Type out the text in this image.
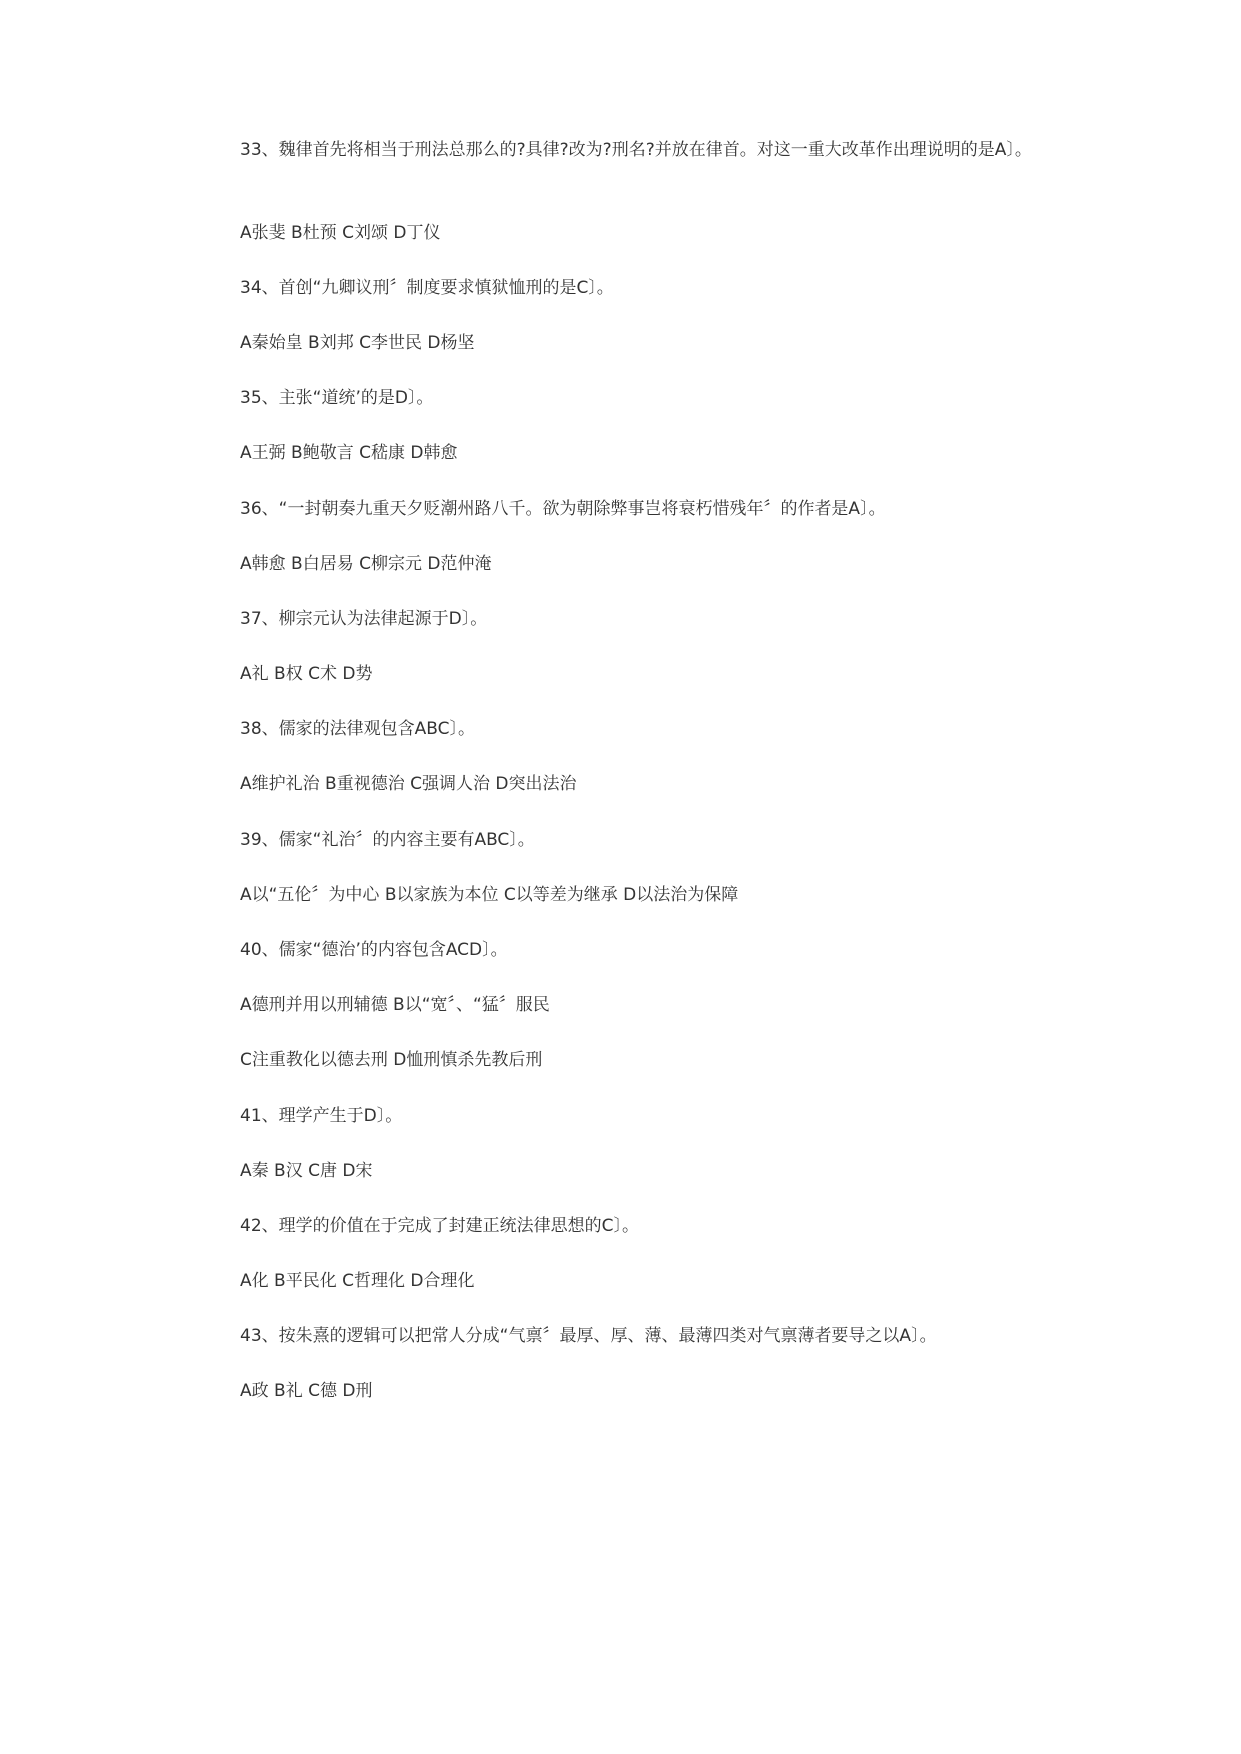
33、魏律首先将相当于刑法总那么的?具律?改为?刑名?并放在律首。对这一重大改革作出理说明的是A〕。

A张斐 B杜预 C刘颂 D丁仪

34、首创“九卿议刑〞制度要求慎狱恤刑的是C〕。

A秦始皇 B刘邦 C李世民 D杨坚

35、主张“道统’的是D〕。

A王弼 B鲍敬言 C嵇康 D韩愈

36、“一封朝奏九重天夕贬潮州路八千。欲为朝除弊事岂将衰朽惜残年〞的作者是A〕。

A韩愈 B白居易 C柳宗元 D范仲淹

37、柳宗元认为法律起源于D〕。

A礼 B权 C术 D势

38、儒家的法律观包含ABC〕。

A维护礼治 B重视德治 C强调人治 D突出法治

39、儒家“礼治〞的内容主要有ABC〕。

A以“五伦〞为中心 B以家族为本位 C以等差为继承 D以法治为保障

40、儒家“德治’的内容包含ACD〕。

A德刑并用以刑辅德 B以“宽〞、“猛〞服民

C注重教化以德去刑 D恤刑慎杀先教后刑

41、理学产生于D〕。

A秦 B汉 C唐 D宋

42、理学的价值在于完成了封建正统法律思想的C〕。

A化 B平民化 C哲理化 D合理化

43、按朱熹的逻辑可以把常人分成“气禀〞最厚、厚、薄、最薄四类对气禀薄者要导之以A〕。

A政 B礼 C德 D刑
